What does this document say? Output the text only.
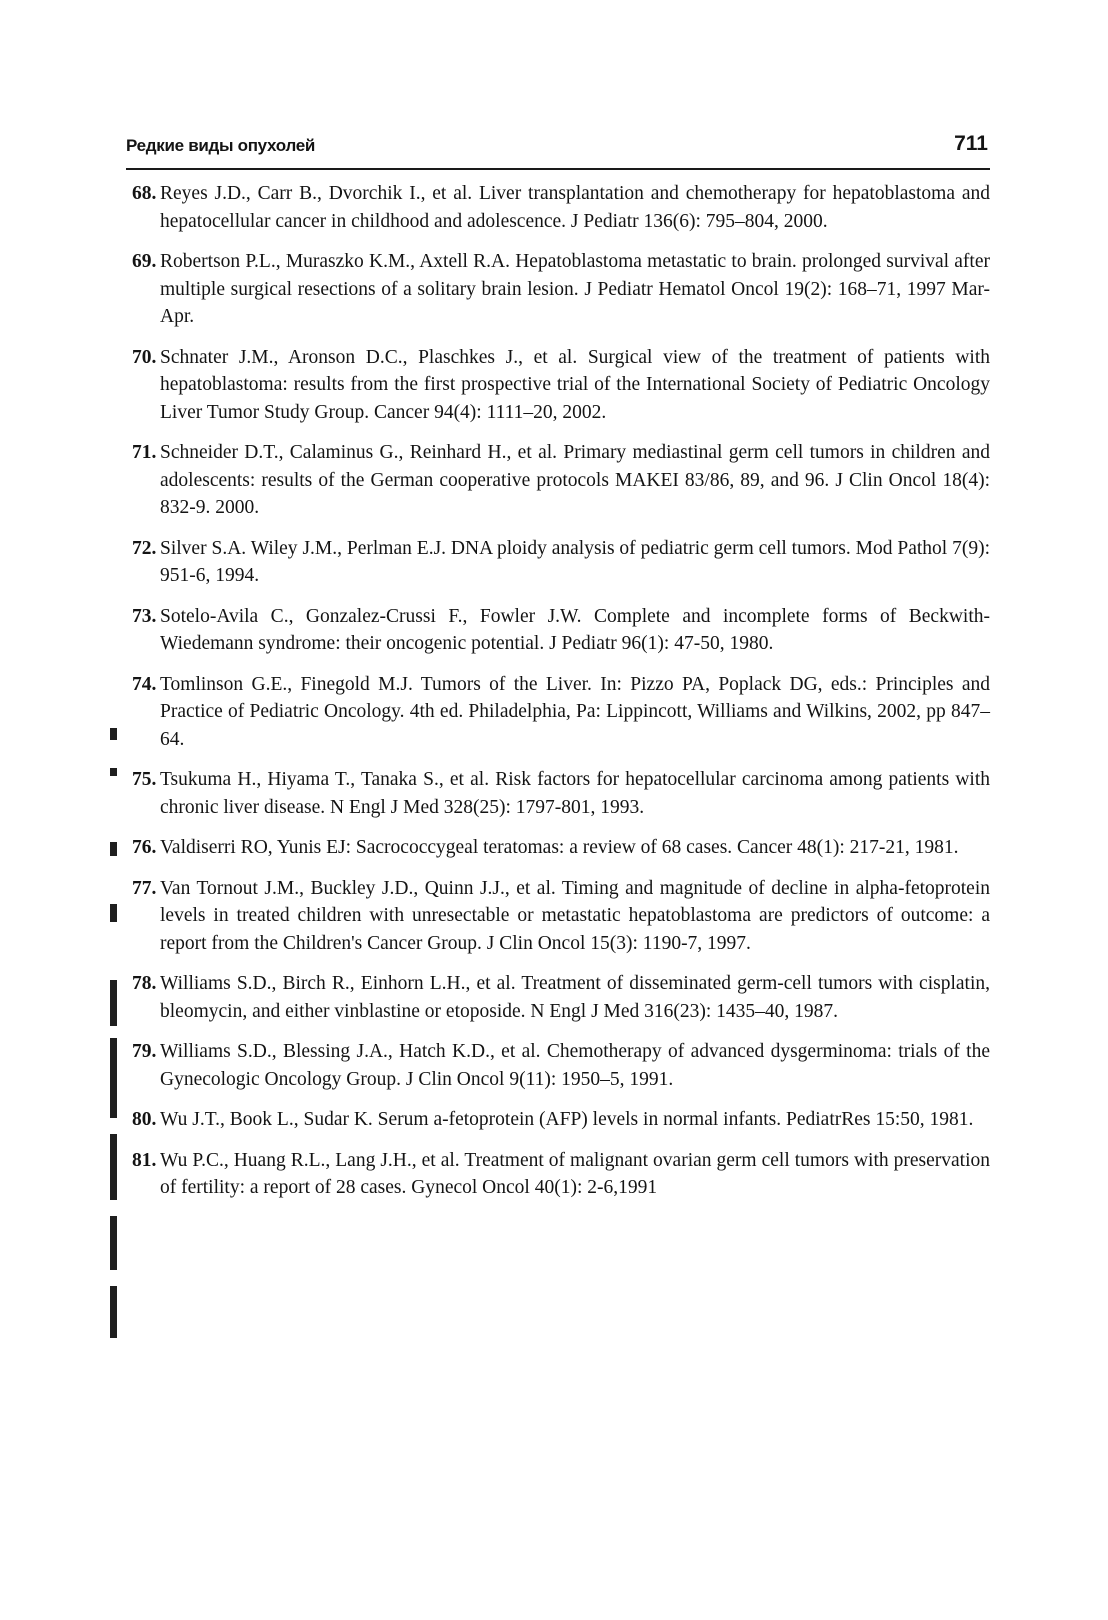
Редкие виды опухолей	711
68. Reyes J.D., Carr B., Dvorchik I., et al. Liver transplantation and chemotherapy for hepatoblastoma and hepatocellular cancer in childhood and adolescence. J Pediatr 136(6): 795–804, 2000.
69. Robertson P.L., Muraszko K.M., Axtell R.A. Hepatoblastoma metastatic to brain. prolonged survival after multiple surgical resections of a solitary brain lesion. J Pediatr Hematol Oncol 19(2): 168–71, 1997 Mar-Apr.
70. Schnater J.M., Aronson D.C., Plaschkes J., et al. Surgical view of the treatment of patients with hepatoblastoma: results from the first prospective trial of the International Society of Pediatric Oncology Liver Tumor Study Group. Cancer 94(4): 1111–20, 2002.
71. Schneider D.T., Calaminus G., Reinhard H., et al. Primary mediastinal germ cell tumors in children and adolescents: results of the German cooperative protocols MAKEI 83/86, 89, and 96. J Clin Oncol 18(4): 832-9. 2000.
72. Silver S.A. Wiley J.M., Perlman E.J. DNA ploidy analysis of pediatric germ cell tumors. Mod Pathol 7(9): 951-6, 1994.
73. Sotelo-Avila C., Gonzalez-Crussi F., Fowler J.W. Complete and incomplete forms of Beckwith-Wiedemann syndrome: their oncogenic potential. J Pediatr 96(1): 47-50, 1980.
74. Tomlinson G.E., Finegold M.J. Tumors of the Liver. In: Pizzo PA, Poplack DG, eds.: Principles and Practice of Pediatric Oncology. 4th ed. Philadelphia, Pa: Lippincott, Williams and Wilkins, 2002, pp 847–64.
75. Tsukuma H., Hiyama T., Tanaka S., et al. Risk factors for hepatocellular carcinoma among patients with chronic liver disease. N Engl J Med 328(25): 1797-801, 1993.
76. Valdiserri RO, Yunis EJ: Sacrococcygeal teratomas: a review of 68 cases. Cancer 48(1): 217-21, 1981.
77. Van Tornout J.M., Buckley J.D., Quinn J.J., et al. Timing and magnitude of decline in alpha-fetoprotein levels in treated children with unresectable or metastatic hepatoblastoma are predictors of outcome: a report from the Children's Cancer Group. J Clin Oncol 15(3): 1190-7, 1997.
78. Williams S.D., Birch R., Einhorn L.H., et al. Treatment of disseminated germ-cell tumors with cisplatin, bleomycin, and either vinblastine or etoposide. N Engl J Med 316(23): 1435–40, 1987.
79. Williams S.D., Blessing J.A., Hatch K.D., et al. Chemotherapy of advanced dysgerminoma: trials of the Gynecologic Oncology Group. J Clin Oncol 9(11): 1950–5, 1991.
80. Wu J.T., Book L., Sudar K. Serum a-fetoprotein (AFP) levels in normal infants. PediatrRes 15:50, 1981.
81. Wu P.C., Huang R.L., Lang J.H., et al. Treatment of malignant ovarian germ cell tumors with preservation of fertility: a report of 28 cases. Gynecol Oncol 40(1): 2-6,1991
